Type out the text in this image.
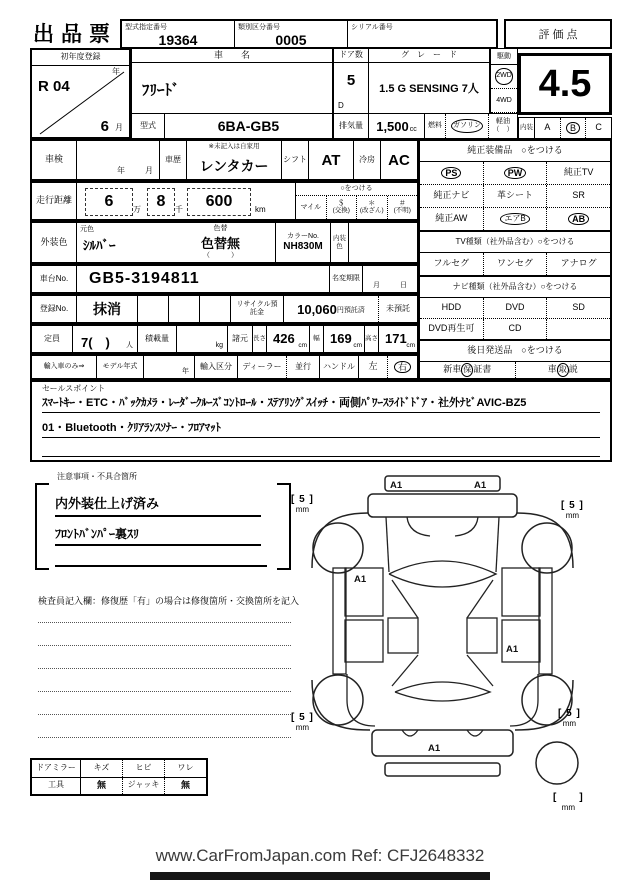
出品票 型式指定番号
19364
類別区分番号
0005
シリアル番号
評 価 点
4.5
内装	A	B	C
初年度登録
年
R 04
6 月
車　　名
ﾌﾘｰﾄﾞ
型式	6BA-GB5
ドア数
5
D
グ　レ　ー　ド
1.5 G SENSING 7人
排気量	1,500 cc
燃料	ガソリン	軽油（　）
駆動
2WD
4WD
車検
年	月
車歴
※未記入は自家用
レンタカー	シフト AT	冷房 AC
走行距離	6	万 8	千	600	km
○をつける
マイル	＄
(交換)
＊
(改ざん)
＃
(不明)
外装色
元色
ｼﾙﾊﾞｰ
色替
色替無
（　　　）
カラーNo.
NH830M
内装色
車台No.	GB5-3194811	名変期限
月	日
登録No.	抹消	リサイクル預託金	10,060 円預託済	未預託
定員	7(　) 人
積載量
kg
諸元 長さ 426 cm
幅 169 cm
高さ 171 cm
輸入車のみ⇒	モデル年式
年
輸入区分	ディーラー	並行	ハンドル	左	右
純正装備品　○をつける
PS	PW	純正TV
純正ナビ	革シート	SR
純正AW	エアB	AB
TV種類（社外品含む）○をつける
フルセグ	ワンセグ	アナログ
ナビ種類（社外品含む）○をつける
HDD	DVD	SD
DVD再生可	CD
後日発送品　○をつける
新車 保 証書	車 取 説
セールスポイント
ｽﾏｰﾄｷｰ・ETC・ﾊﾞｯｸｶﾒﾗ・ﾚｰﾀﾞｰｸﾙｰｽﾞｺﾝﾄﾛｰﾙ・ｽﾃｱﾘﾝｸﾞｽｲｯﾁ・両側ﾊﾟﾜｰｽﾗｲﾄﾞﾄﾞｱ・社外ﾅﾋﾞAVIC-BZ5
01・Bluetooth・ｸﾘｱﾗﾝｽｿﾅｰ・ﾌﾛｱﾏｯﾄ
注意事項・不具合箇所
内外装仕上げ済み
ﾌﾛﾝﾄﾊﾞﾝﾊﾟｰ裏ｽﾘ
検査員記入欄：修復歴「有」の場合は修復箇所・交換箇所を記入
A1	A1
A1
A1
A1
[ 5 ]
mm	[ 5 ]
mm
[ 5 ]
mm
[ 5 ]
mm
[　　]
mm
ドアミラー	キズ	ヒビ	ワレ
工具	無	ジャッキ	無
www.CarFromJapan.com Ref: CFJ2648332
